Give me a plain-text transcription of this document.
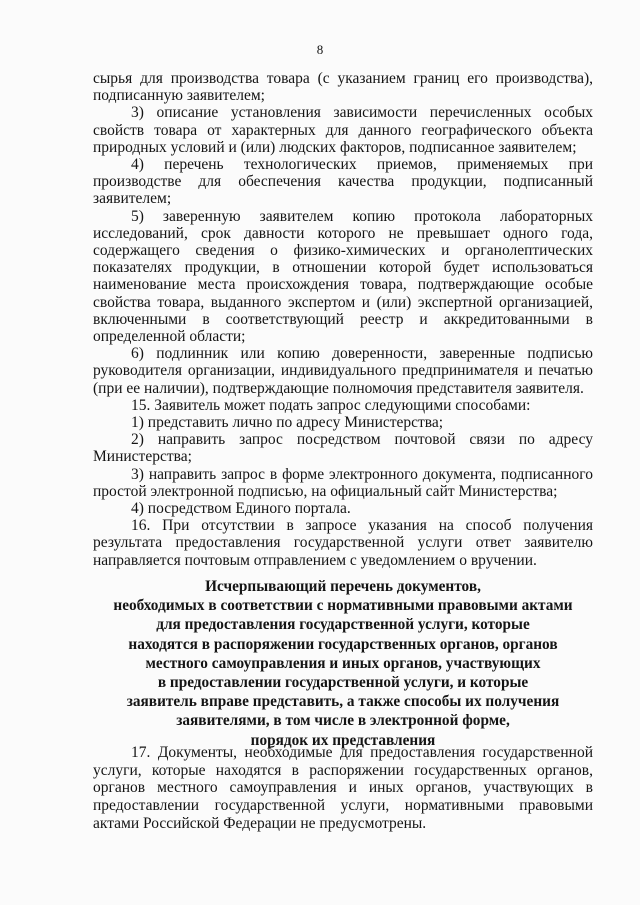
8

сырья для производства товара (с указанием границ его производства), подписанную заявителем;

3) описание установления зависимости перечисленных особых свойств товара от характерных для данного географического объекта природных условий и (или) людских факторов, подписанное заявителем;

4) перечень технологических приемов, применяемых при производстве для обеспечения качества продукции, подписанный заявителем;

5) заверенную заявителем копию протокола лабораторных исследований, срок давности которого не превышает одного года, содержащего сведения о физико-химических и органолептических показателях продукции, в отношении которой будет использоваться наименование места происхождения товара, подтверждающие особые свойства товара, выданного экспертом и (или) экспертной организацией, включенными в соответствующий реестр и аккредитованными в определенной области;

6) подлинник или копию доверенности, заверенные подписью руководителя организации, индивидуального предпринимателя и печатью (при ее наличии), подтверждающие полномочия представителя заявителя.

15. Заявитель может подать запрос следующими способами:

1) представить лично по адресу Министерства;

2) направить запрос посредством почтовой связи по адресу Министерства;

3) направить запрос в форме электронного документа, подписанного простой электронной подписью, на официальный сайт Министерства;

4) посредством Единого портала.

16. При отсутствии в запросе указания на способ получения результата предоставления государственной услуги ответ заявителю направляется почтовым отправлением с уведомлением о вручении.

Исчерпывающий перечень документов,
необходимых в соответствии с нормативными правовыми актами
для предоставления государственной услуги, которые
находятся в распоряжении государственных органов, органов
местного самоуправления и иных органов, участвующих
в предоставлении государственной услуги, и которые
заявитель вправе представить, а также способы их получения
заявителями, в том числе в электронной форме,
порядок их представления

17. Документы, необходимые для предоставления государственной услуги, которые находятся в распоряжении государственных органов, органов местного самоуправления и иных органов, участвующих в предоставлении государственной услуги, нормативными правовыми актами Российской Федерации не предусмотрены.
